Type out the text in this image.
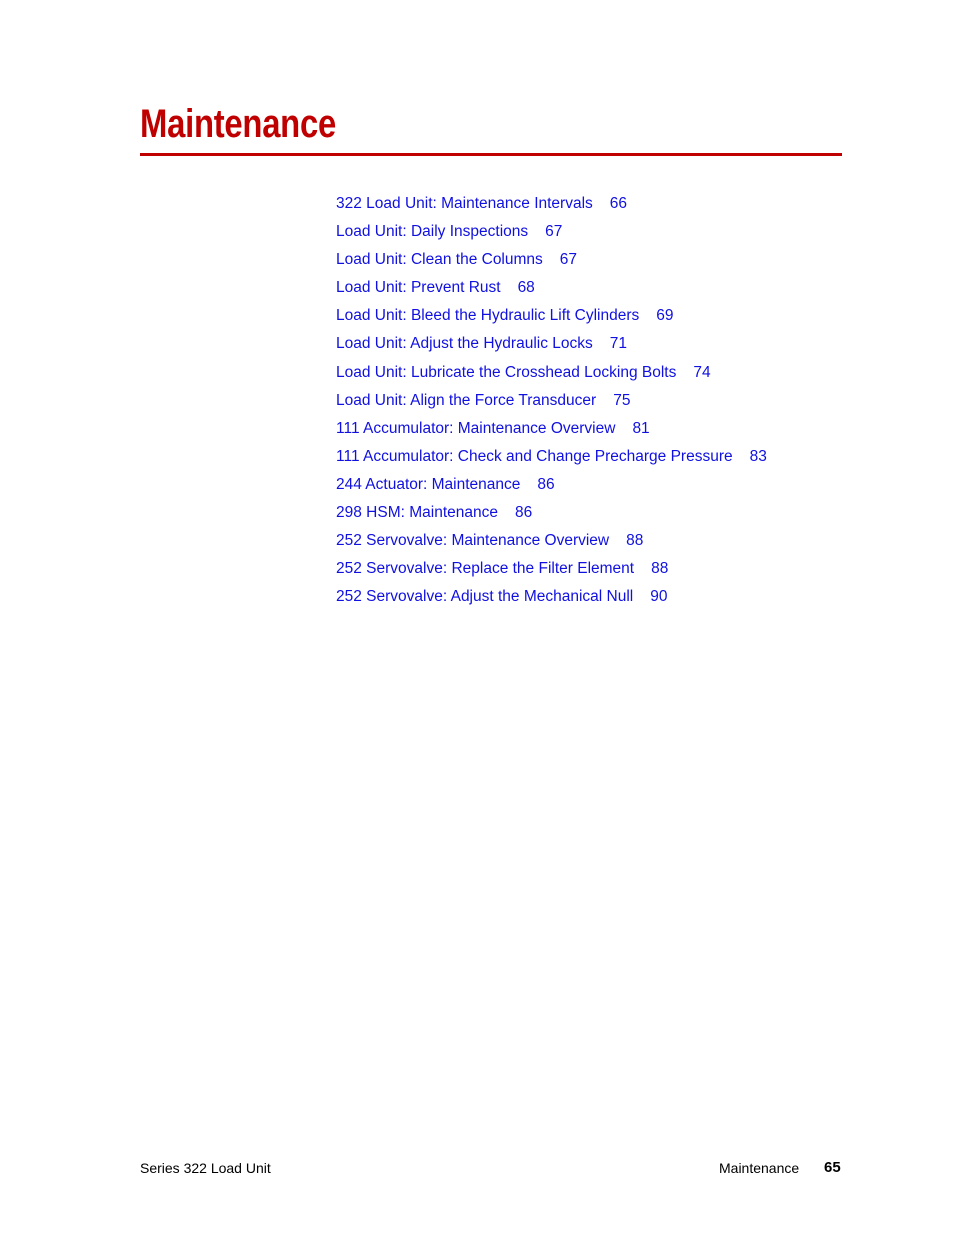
Maintenance
322 Load Unit: Maintenance Intervals 66
Load Unit: Daily Inspections 67
Load Unit: Clean the Columns 67
Load Unit: Prevent Rust 68
Load Unit: Bleed the Hydraulic Lift Cylinders 69
Load Unit: Adjust the Hydraulic Locks 71
Load Unit: Lubricate the Crosshead Locking Bolts 74
Load Unit: Align the Force Transducer 75
111 Accumulator: Maintenance Overview 81
111 Accumulator: Check and Change Precharge Pressure 83
244 Actuator: Maintenance 86
298 HSM: Maintenance 86
252 Servovalve: Maintenance Overview 88
252 Servovalve: Replace the Filter Element 88
252 Servovalve: Adjust the Mechanical Null 90
Series 322 Load Unit	Maintenance 65
